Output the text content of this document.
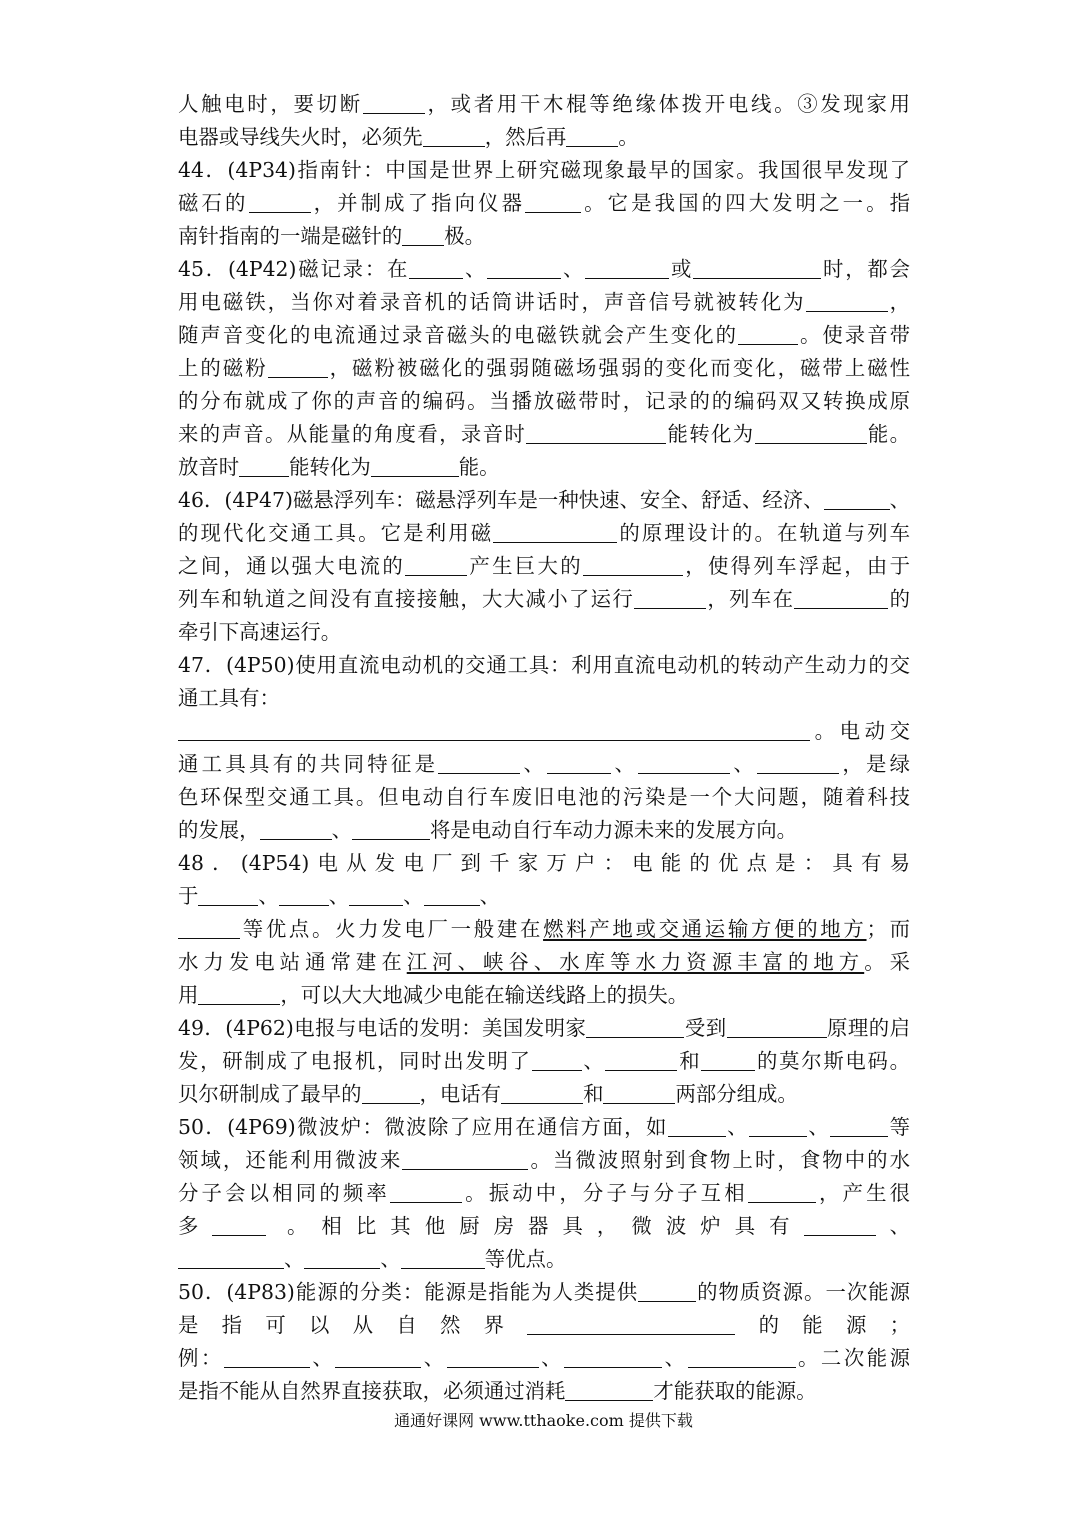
人触电时，要切断	，或者用干木棍等绝缘体拨开电线。③发现家用
电器或导线失火时，必须先	，然后再	。
44．(4P34)指南针：中国是世界上研究磁现象最早的国家。我国很早发现了
磁石的	，并制成了指向仪器	。它是我国的四大发明之一。指
南针指南的一端是磁针的 极。
45．(4P42)磁记录：在	、	、	或	时，都会
用电磁铁，当你对着录音机的话筒讲话时，声音信号就被转化为	，
随声音变化的电流通过录音磁头的电磁铁就会产生变化的	。使录音带
上的磁粉	，磁粉被磁化的强弱随磁场强弱的变化而变化，磁带上磁性
的分布就成了你的声音的编码。当播放磁带时，记录的的编码双又转换成原
来的声音。从能量的角度看，录音时	能转化为	能。
放音时 能转化为	能。
46．(4P47)磁悬浮列车：磁悬浮列车是一种快速、安全、舒适、经济、	、
的现代化交通工具。它是利用磁	的原理设计的。在轨道与列车
之间，通以强大电流的	产生巨大的	，使得列车浮起，由于
列车和轨道之间没有直接接触，大大减小了运行	，列车在	的
牵引下高速运行。
47．(4P50)使用直流电动机的交通工具：利用直流电动机的转动产生动力的交
通工具有：
。电动交
通工具具有的共同特征是	、	、	、	，是绿
色环保型交通工具。但电动自行车废旧电池的污染是一个大问题，随着科技
的发展，	、	将是电动自行车动力源未来的发展方向。
48．(4P54)电从发电厂到千家万户：电能的优点是：具有易
于	、 、	、	、
等优点。火力发电厂一般建在燃料产地或交通运输方便的地方；而
水力发电站通常建在江河、峡谷、水库等水力资源丰富的地方。采
用	，可以大大地减少电能在输送线路上的损失。
49．(4P62)电报与电话的发明：美国发明家	受到	原理的启
发，研制成了电报机，同时出发明了 、	和	的莫尔斯电码。
贝尔研制成了最早的	，电话有	和	两部分组成。
50．(4P69)微波炉：微波除了应用在通信方面，如	、	、	等
领域，还能利用微波来	。当微波照射到食物上时，食物中的水
分子会以相同的频率	。振动中，分子与分子互相	，产生很
多	。相比其他厨房器具，微波炉具有	、
、	、	等优点。
50．(4P83)能源的分类：能源是指能为人类提供	的物质资源。一次能源
是指可以从自然界	的能源；
例：	、	、	、	、	。二次能源
是指不能从自然界直接获取，必须通过消耗	才能获取的能源。
通通好课网 www.tthaoke.com 提供下载
